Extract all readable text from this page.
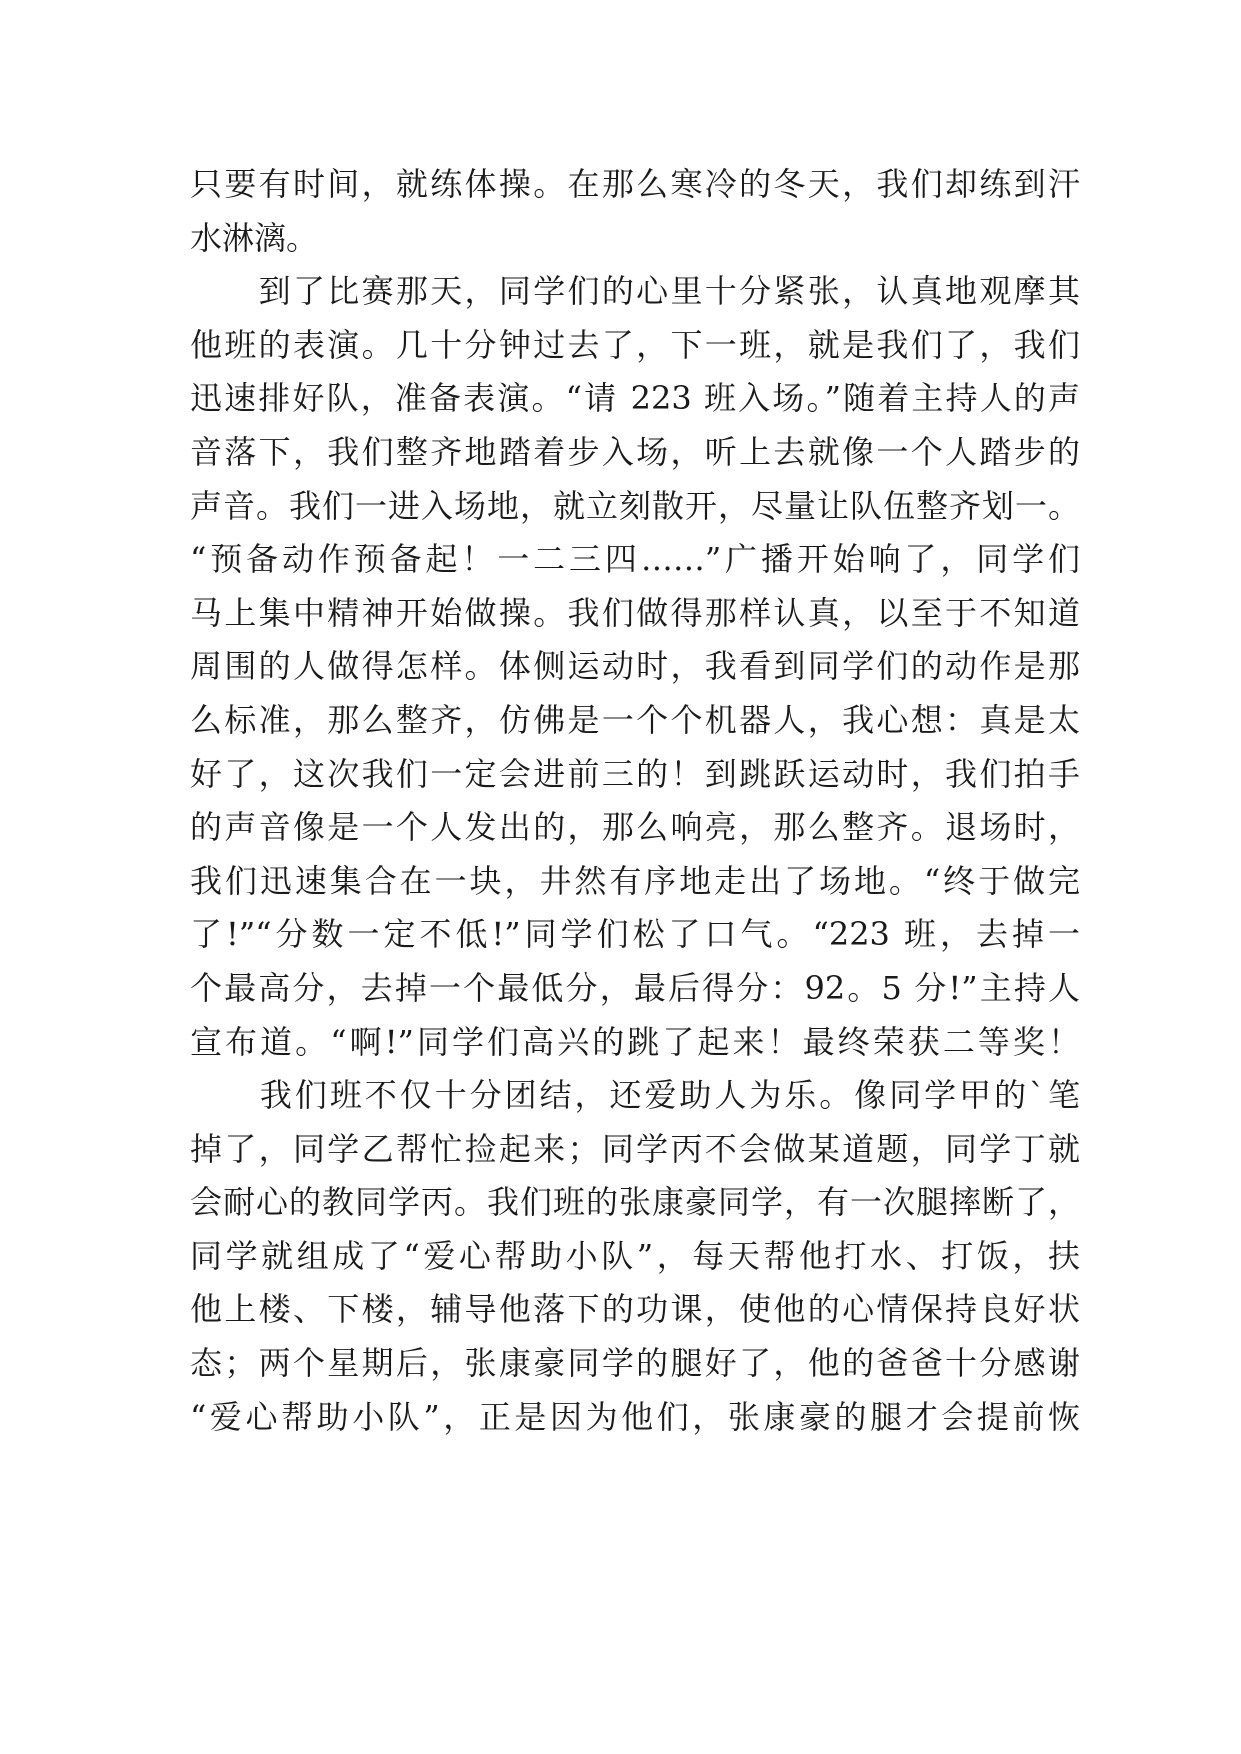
只要有时间，就练体操。在那么寒冷的冬天，我们却练到汗
水淋漓。
　　到了比赛那天，同学们的心里十分紧张，认真地观摩其
他班的表演。几十分钟过去了，下一班，就是我们了，我们
迅速排好队，准备表演。“请 223 班入场。”随着主持人的声
音落下，我们整齐地踏着步入场，听上去就像一个人踏步的
声音。我们一进入场地，就立刻散开，尽量让队伍整齐划一。
“预备动作预备起！一二三四……”广播开始响了，同学们
马上集中精神开始做操。我们做得那样认真，以至于不知道
周围的人做得怎样。体侧运动时，我看到同学们的动作是那
么标准，那么整齐，仿佛是一个个机器人，我心想：真是太
好了，这次我们一定会进前三的！到跳跃运动时，我们拍手
的声音像是一个人发出的，那么响亮，那么整齐。退场时，
我们迅速集合在一块，井然有序地走出了场地。“终于做完
了!”“分数一定不低!”同学们松了口气。“223 班，去掉一
个最高分，去掉一个最低分，最后得分：92。5 分!”主持人
宣布道。“啊!”同学们高兴的跳了起来！最终荣获二等奖！
　　我们班不仅十分团结，还爱助人为乐。像同学甲的`笔
掉了，同学乙帮忙捡起来；同学丙不会做某道题，同学丁就
会耐心的教同学丙。我们班的张康豪同学，有一次腿摔断了，
同学就组成了“爱心帮助小队”，每天帮他打水、打饭，扶
他上楼、下楼，辅导他落下的功课，使他的心情保持良好状
态；两个星期后，张康豪同学的腿好了，他的爸爸十分感谢
“爱心帮助小队”，正是因为他们，张康豪的腿才会提前恢
